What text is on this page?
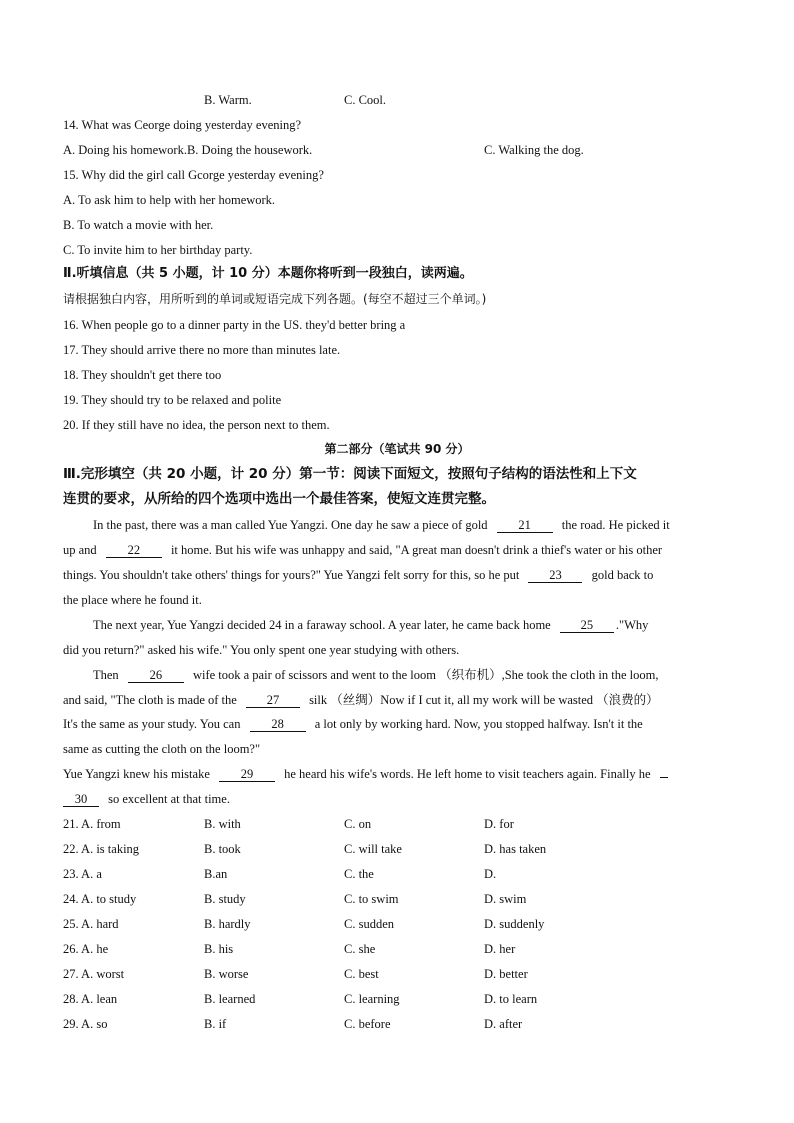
B. Warm.	C. Cool.
14. What was Ceorge doing yesterday evening?
A. Doing his homework.B. Doing the housework.	C. Walking the dog.
15. Why did the girl call Gcorge yesterday evening?
A. To ask him to help with her homework.
B. To watch a movie with her.
C. To invite him to her birthday party.
Ⅱ.听填信息（共 5 小题，计 10 分）本题你将听到一段独白，读两遍。
请根据独白内容，用所听到的单词或短语完成下列各题。(每空不超过三个单词。)
16. When people go to a dinner party in the US. they'd better bring a
17. They should arrive there no more than minutes late.
18. They shouldn't get there too
19. They should try to be relaxed and polite
20. If they still have no idea, the person next to them.
第二部分（笔试共 90 分）
Ⅲ.完形填空（共 20 小题，计 20 分）第一节：阅读下面短文，按照句子结构的语法性和上下文
连贯的要求，从所给的四个选项中选出一个最佳答案，使短文连贯完整。
In the past, there was a man called Yue Yangzi. One day he saw a piece of gold 21 the road. He picked it
up and 22 it home. But his wife was unhappy and said, "A great man doesn't drink a thief's water or his other
things. You shouldn't take others' things for yours?" Yue Yangzi felt sorry for this, so he put 23 gold back to
the place where he found it.
The next year, Yue Yangzi decided 24 in a faraway school. A year later, he came back home 25 ."Why
did you return?" asked his wife." You only spent one year studying with others.
Then 26 wife took a pair of scissors and went to the loom （织布机）,She took the cloth in the loom,
and said, "The cloth is made of the 27 silk （丝绸）Now if I cut it, all my work will be wasted （浪费的）
It's the same as your study. You can 28 a lot only by working hard. Now, you stopped halfway. Isn't it the
same as cutting the cloth on the loom?"
Yue Yangzi knew his mistake 29 he heard his wife's words. He left home to visit teachers again. Finally he
30 so excellent at that time.
21. A. from	B. with	C. on	D. for
22. A. is taking	B. took	C. will take	D. has taken
23. A. a	B.an	C. the	D.
24. A. to study	B. study	C. to swim	D. swim
25. A. hard	B. hardly	C. sudden	D. suddenly
26. A. he	B. his	C. she	D. her
27. A. worst	B. worse	C. best	D. better
28. A. lean	B. learned	C. learning	D. to learn
29. A. so	B. if	C. before	D. after
